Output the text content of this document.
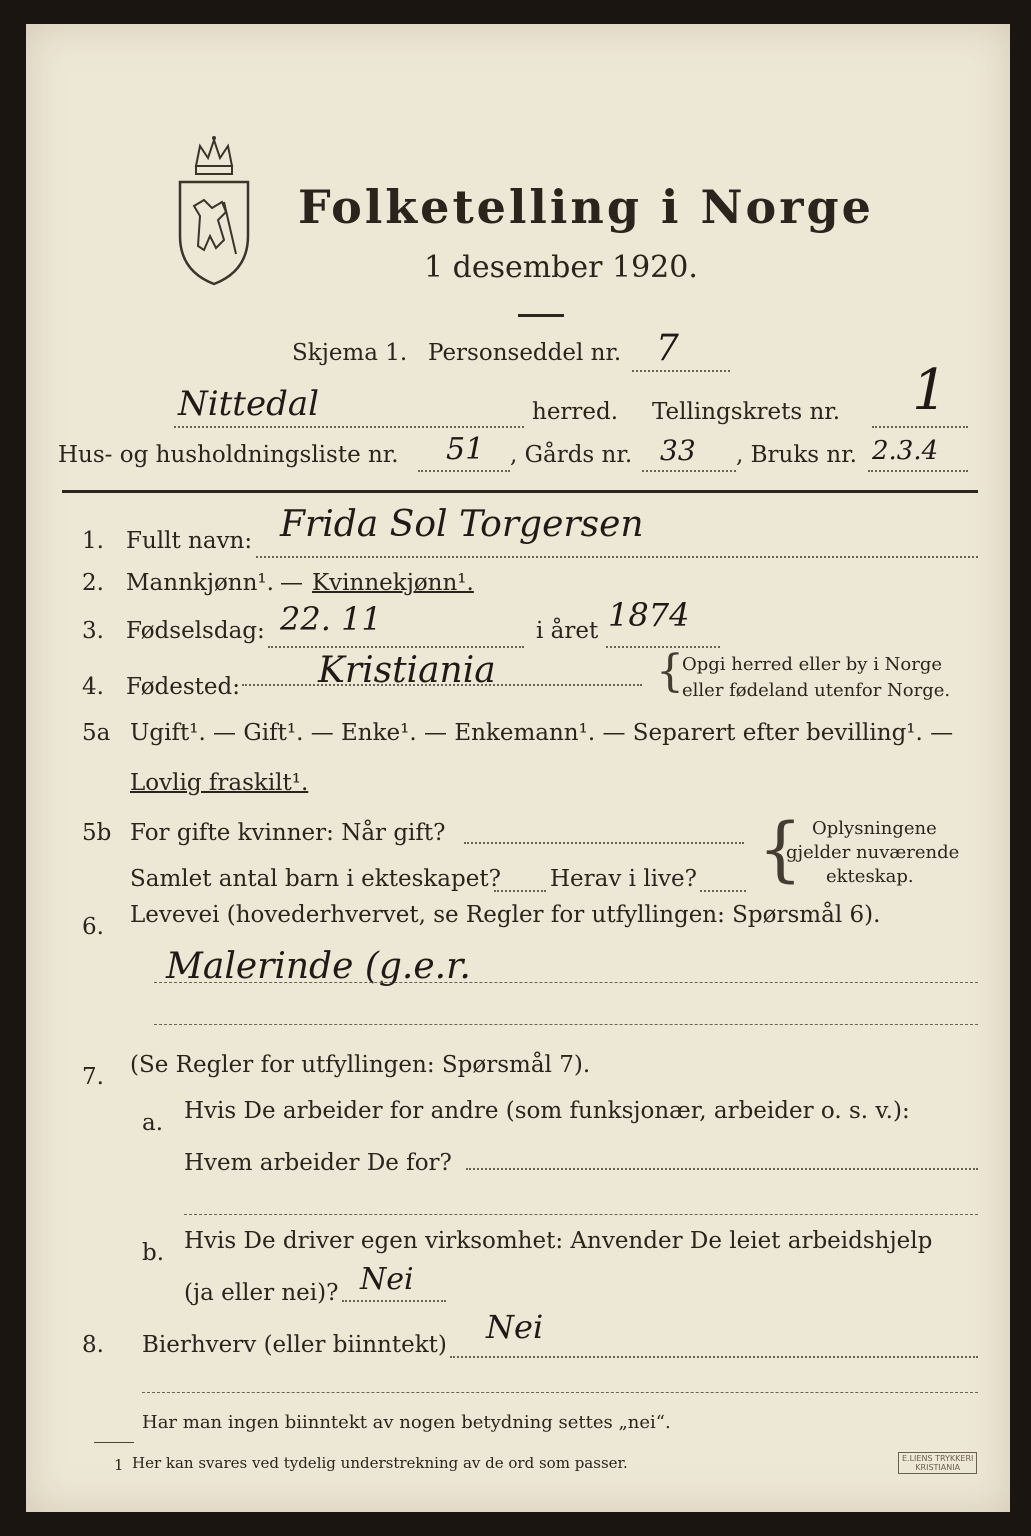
Folketelling i Norge
1 desember 1920.
Skjema 1. Personseddel nr. 7
Nittedal	herred. Tellingskrets nr. 1
Hus- og husholdningsliste nr. 51 , Gårds nr. 33 , Bruks nr. 2.3.4
1. Fullt navn: Frida Sol Torgersen
2. Mannkjønn¹. — Kvinnekjønn¹.
3. Fødselsdag: 22. 11	i året 1874
4. Fødested: Kristiania	{
Opgi herred eller by i Norge
eller fødeland utenfor Norge.
5a Ugift¹. — Gift¹. — Enke¹. — Enkemann¹. — Separert efter bevilling¹. —
Lovlig fraskilt¹.
5b For gifte kvinner: Når gift?
Samlet antal barn i ekteskapet? Herav i live? { Oplysningene
gjelder nuværende
ekteskap.
6. Levevei (hovederhvervet, se Regler for utfyllingen: Spørsmål 6).
Malerinde (g.e.r.
7. (Se Regler for utfyllingen: Spørsmål 7).
a. Hvis De arbeider for andre (som funksjonær, arbeider o. s. v.):
Hvem arbeider De for?
b. Hvis De driver egen virksomhet: Anvender De leiet arbeidshjelp
(ja eller nei)? Nei
8. Bierhverv (eller biinntekt) Nei
Har man ingen biinntekt av nogen betydning settes „nei“.
1 Her kan svares ved tydelig understrekning av de ord som passer.	E.LIENS TRYKKERI
KRISTIANIA
